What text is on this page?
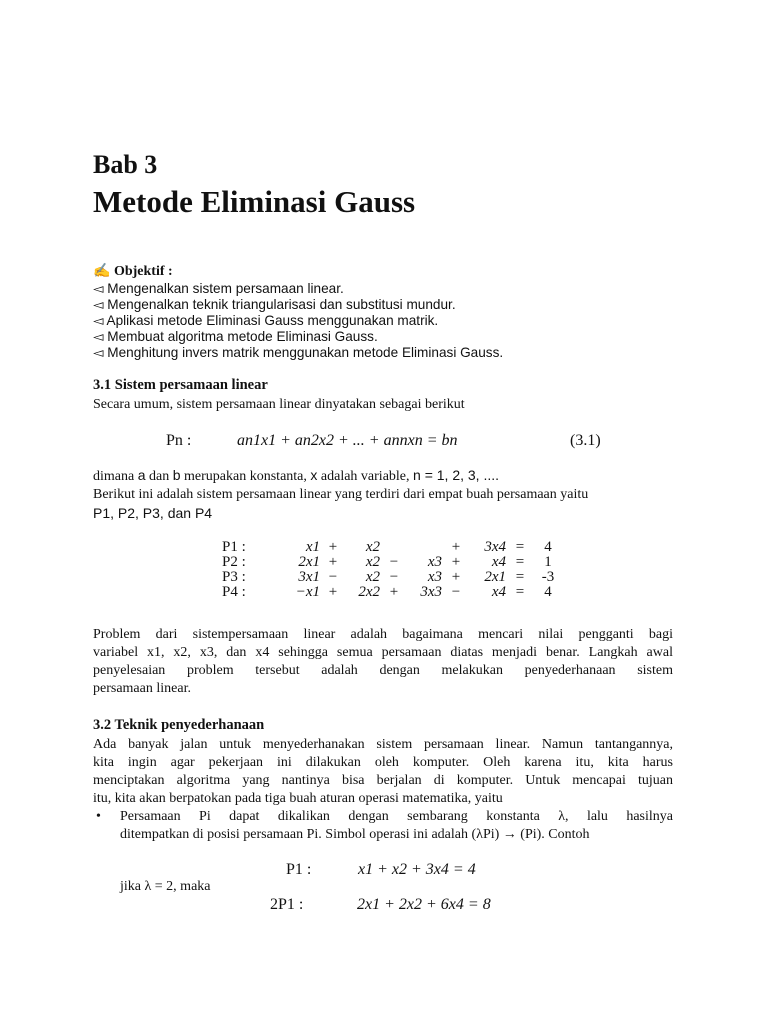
Bab 3
Metode Eliminasi Gauss
✍ Objektif :
◅ Mengenalkan sistem persamaan linear.
◅ Mengenalkan teknik triangularisasi dan substitusi mundur.
◅ Aplikasi metode Eliminasi Gauss menggunakan matrik.
◅ Membuat algoritma metode Eliminasi Gauss.
◅ Menghitung invers matrik menggunakan metode Eliminasi Gauss.
3.1 Sistem persamaan linear
Secara umum, sistem persamaan linear dinyatakan sebagai berikut
Pn :	an1x1 + an2x2 + ... + annxn = bn	(3.1)
dimana a dan b merupakan konstanta, x adalah variable, n = 1, 2, 3, ....
Berikut ini adalah sistem persamaan linear yang terdiri dari empat buah persamaan yaitu
P1, P2, P3, dan P4
P1 :	x1	+	x2			+	3x4	=	4
P2 :	2x1	+	x2	−	x3	+	x4	=	1
P3 :	3x1	−	x2	−	x3	+	2x1	=	-3
P4 :	−x1	+	2x2	+	3x3	−	x4	=	4
Problem dari sistempersamaan linear adalah bagaimana mencari nilai pengganti bagi
variabel x1, x2, x3, dan x4 sehingga semua persamaan diatas menjadi benar. Langkah awal
penyelesaian problem tersebut adalah dengan melakukan penyederhanaan sistem
persamaan linear.
3.2 Teknik penyederhanaan
Ada banyak jalan untuk menyederhanakan sistem persamaan linear. Namun tantangannya,
kita ingin agar pekerjaan ini dilakukan oleh komputer. Oleh karena itu, kita harus
menciptakan algoritma yang nantinya bisa berjalan di komputer. Untuk mencapai tujuan
itu, kita akan berpatokan pada tiga buah aturan operasi matematika, yaitu
• Persamaan Pi dapat dikalikan dengan sembarang konstanta λ, lalu hasilnya
ditempatkan di posisi persamaan Pi. Simbol operasi ini adalah (λPi) → (Pi). Contoh
P1 :	x1 + x2 + 3x4 = 4
jika λ = 2, maka
2P1 :	2x1 + 2x2 + 6x4 = 8
